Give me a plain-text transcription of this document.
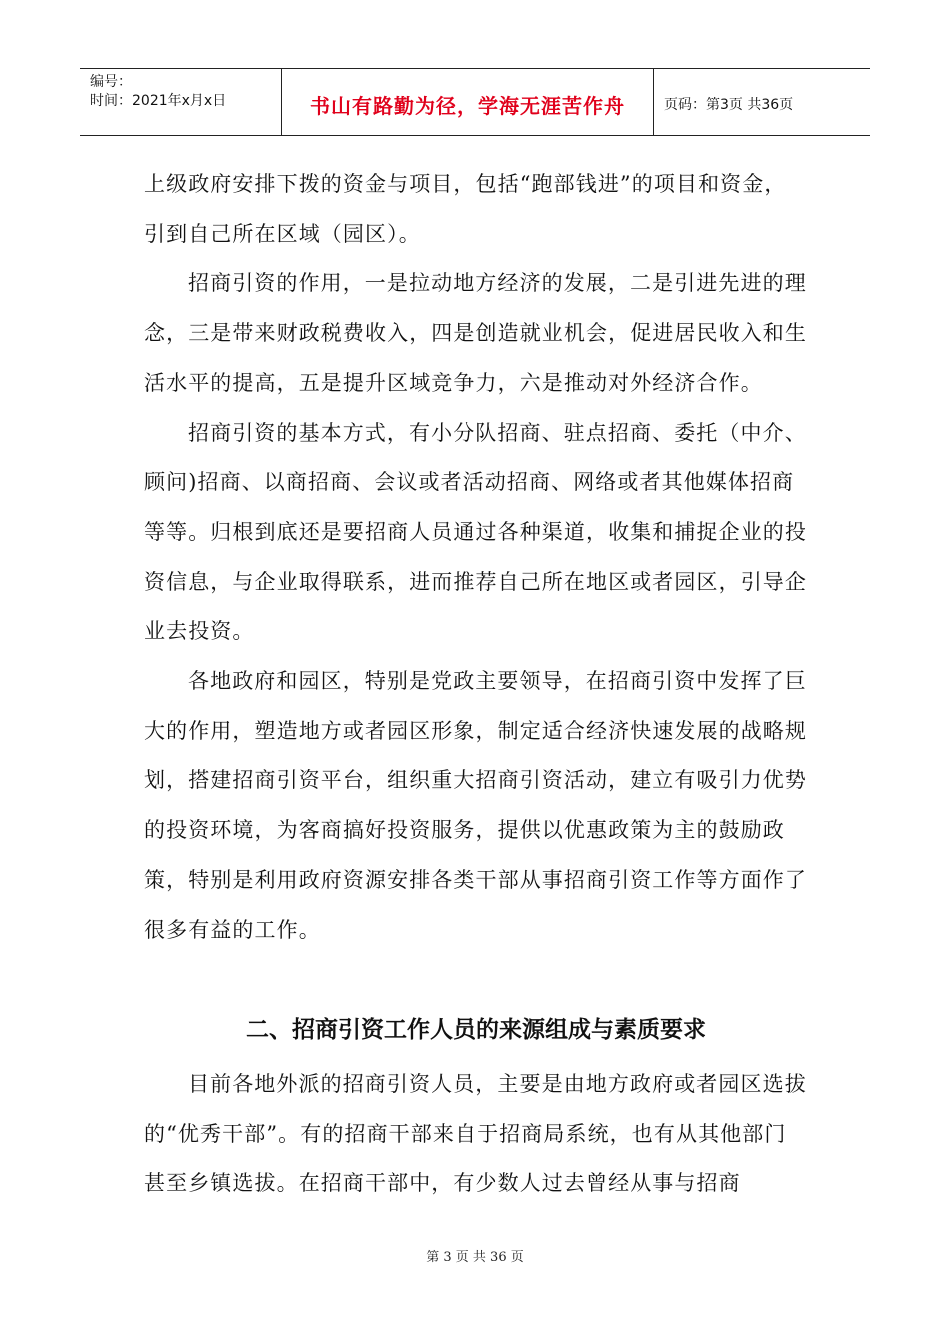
编号：
时间：2021年x月x日	书山有路勤为径，学海无涯苦作舟	页码：第3页 共36页

上级政府安排下拨的资金与项目，包括“跑部钱进”的项目和资金，引到自己所在区域（园区）。

招商引资的作用，一是拉动地方经济的发展，二是引进先进的理念，三是带来财政税费收入，四是创造就业机会，促进居民收入和生活水平的提高，五是提升区域竞争力，六是推动对外经济合作。

招商引资的基本方式，有小分队招商、驻点招商、委托（中介、顾问)招商、以商招商、会议或者活动招商、网络或者其他媒体招商等等。归根到底还是要招商人员通过各种渠道，收集和捕捉企业的投资信息，与企业取得联系，进而推荐自己所在地区或者园区，引导企业去投资。

各地政府和园区，特别是党政主要领导，在招商引资中发挥了巨大的作用，塑造地方或者园区形象，制定适合经济快速发展的战略规划，搭建招商引资平台，组织重大招商引资活动，建立有吸引力优势的投资环境，为客商搞好投资服务，提供以优惠政策为主的鼓励政策，特别是利用政府资源安排各类干部从事招商引资工作等方面作了很多有益的工作。

二、招商引资工作人员的来源组成与素质要求

目前各地外派的招商引资人员，主要是由地方政府或者园区选拔的“优秀干部”。有的招商干部来自于招商局系统，也有从其他部门甚至乡镇选拔。在招商干部中，有少数人过去曾经从事与招商

第 3 页 共 36 页
